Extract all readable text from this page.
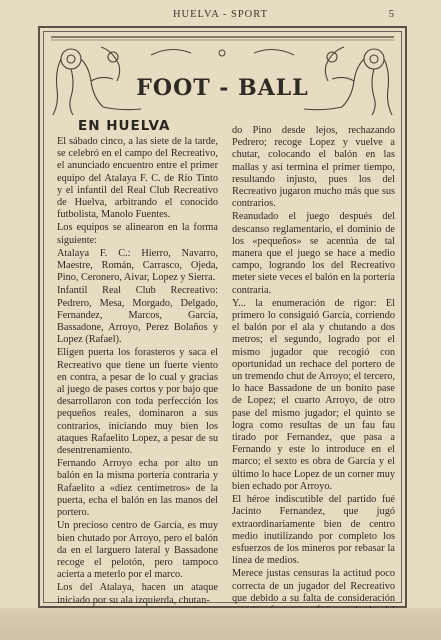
HUELVA - SPORT	5
FOOT - BALL
EN HUELVA

El sábado cinco, a las siete de la tarde, se celebró en el campo del Recreativo, el anunciado encuentro entre el primer equipo del Atalaya F. C. de Río Tinto y el infantil del Real Club Recreativo de Huelva, arbitrando el conocido futbolista, Manolo Fuentes.

Los equipos se alinearon en la forma siguiente:

Atalaya F. C.: Hierro, Navarro, Maestre, Román, Carrasco, Ojeda, Pino, Ceronero, Aivar, Lopez y Sierra.

Infantil Real Club Recreativo: Pedrero, Mesa, Morgado, Delgado, Fernandez, Marcos, García, Bassadone, Arroyo, Perez Bolaños y Lopez (Rafael).

Eligen puerta los forasteros y saca el Recreativo que tiene un fuerte viento en contra, a pesar de lo cual y gracias al juego de pases cortos y por bajo que desarrollaron con toda perfección los pequeños reales, dominaron a sus contrarios, iniciando muy bien los ataques Rafaelito Lopez, a pesar de su desentrenamiento.

Fernando Arroyo echa por alto un balón en la misma portería contraria y Rafaelito a «diez centímetros» de la puerta, echa el balón en las manos del portero.

Un precioso centro de García, es muy bien chutado por Arroyo, pero el balón da en el larguero lateral y Bassadone recoge el pelotón, pero tampoco acierta a meterlo por el marco.

Los del Atalaya, hacen un ataque iniciado por su ala izquierda, chutan-

do Pino desde lejos, rechazando Pedrero; recoge Lopez y vuelve a chutar, colocando el balón en las mallas y así termina el primer tiempo, resultando injusto, pues los del Recreativo jugaron mucho más que sus contrarios.

Reanudado el juego después del descanso reglamentario, el dominio de los «pequeños» se acentúa de tal manera que el juego se hace a medio campo, logrando los del Recreativo meter siete veces el balón en la portería contraria.

Y... la enumeración de rigor: El primero lo consiguió García, corriendo el balón por el ala y chutando a dos metros; el segundo, logrado por el mismo jugador que recogió con oportunidad un rechace del portero de un tremendo chut de Arroyo; el tercero, lo hace Bassadone de un bonito pase de Lopez; el cuarto Arroyo, de otro pase del mismo jugador; el quinto se logra como resultas de un fau fau tirado por Fernandez, que pasa a Fernando y este lo introduce en el marco; el sexto es obra de García y el último lo hace Lopez de un corner muy bien echado por Arroyo.

El héroe indiscutible del partido fué Jacinto Fernandez, que jugó extraordinariamente bien de centro medio inutilizando por completo los esfuerzos de los mineros por rebasar la línea de medios.

Merece justas censuras la actitud poco correcta de un jugador del Recreativo que debido a su falta de consideración
